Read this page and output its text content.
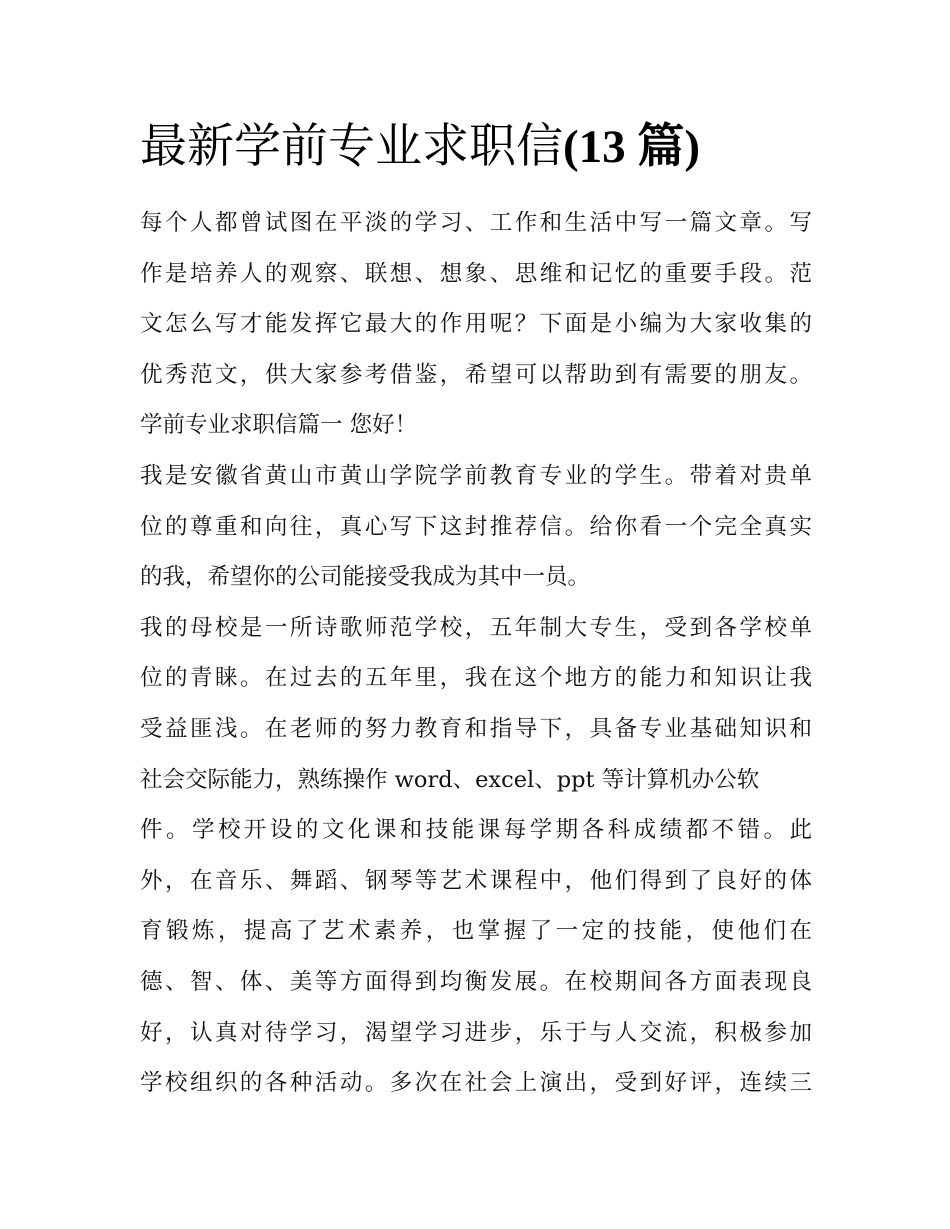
最新学前专业求职信(13 篇)
每个人都曾试图在平淡的学习、工作和生活中写一篇文章。写
作是培养人的观察、联想、想象、思维和记忆的重要手段。范
文怎么写才能发挥它最大的作用呢？下面是小编为大家收集的
优秀范文，供大家参考借鉴，希望可以帮助到有需要的朋友。
学前专业求职信篇一 您好！
我是安徽省黄山市黄山学院学前教育专业的学生。带着对贵单
位的尊重和向往，真心写下这封推荐信。给你看一个完全真实
的我，希望你的公司能接受我成为其中一员。
我的母校是一所诗歌师范学校，五年制大专生，受到各学校单
位的青睐。在过去的五年里，我在这个地方的能力和知识让我
受益匪浅。在老师的努力教育和指导下，具备专业基础知识和
社会交际能力，熟练操作 word、excel、ppt 等计算机办公软
件。学校开设的文化课和技能课每学期各科成绩都不错。此
外，在音乐、舞蹈、钢琴等艺术课程中，他们得到了良好的体
育锻炼，提高了艺术素养，也掌握了一定的技能，使他们在
德、智、体、美等方面得到均衡发展。在校期间各方面表现良
好，认真对待学习，渴望学习进步，乐于与人交流，积极参加
学校组织的各种活动。多次在社会上演出，受到好评，连续三
